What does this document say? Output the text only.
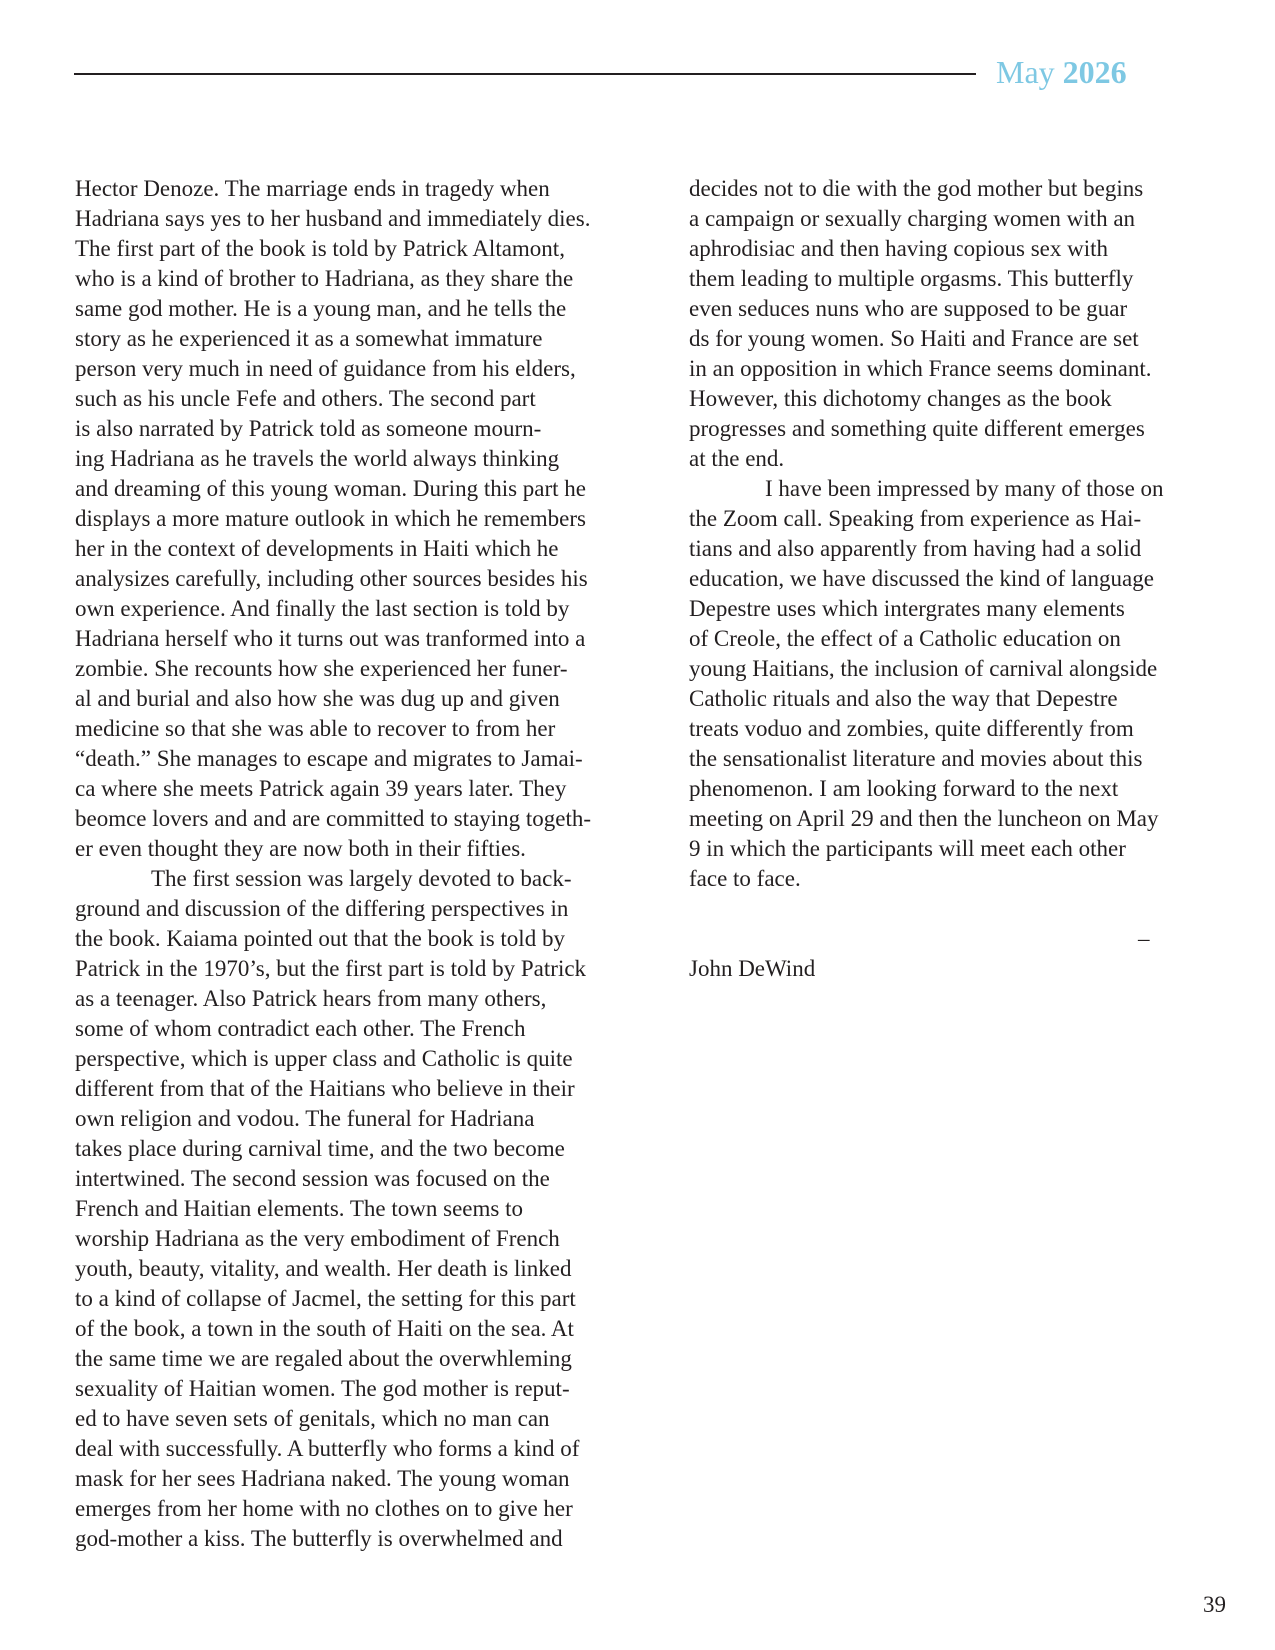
May 2026
Hector Denoze. The marriage ends in tragedy when
Hadriana says yes to her husband and immediately dies.
The first part of the book is told by Patrick Altamont,
who is a kind of brother to Hadriana, as they share the
same god mother. He is a young man, and he tells the
story as he experienced it as a somewhat immature
person very much in need of guidance from his elders,
such as his uncle Fefe and others. The second part
is also narrated by Patrick told as someone mourn-
ing Hadriana as he travels the world always thinking
and dreaming of this young woman. During this part he
displays a more mature outlook in which he remembers
her in the context of developments in Haiti which he
analysizes carefully, including other sources besides his
own experience. And finally the last section is told by
Hadriana herself who it turns out was tranformed into a
zombie. She recounts how she experienced her funer-
al and burial and also how she was dug up and given
medicine so that she was able to recover to from her
“death.” She manages to escape and migrates to Jamai-
ca where she meets Patrick again 39 years later. They
beomce lovers and and are committed to staying togeth-
er even thought they are now both in their fifties.
The first session was largely devoted to back-
ground and discussion of the differing perspectives in
the book. Kaiama pointed out that the book is told by
Patrick in the 1970’s, but the first part is told by Patrick
as a teenager. Also Patrick hears from many others,
some of whom contradict each other. The French
perspective, which is upper class and Catholic is quite
different from that of the Haitians who believe in their
own religion and vodou. The funeral for Hadriana
takes place during carnival time, and the two become
intertwined. The second session was focused on the
French and Haitian elements. The town seems to
worship Hadriana as the very embodiment of French
youth, beauty, vitality, and wealth. Her death is linked
to a kind of collapse of Jacmel, the setting for this part
of the book, a town in the south of Haiti on the sea. At
the same time we are regaled about the overwhleming
sexuality of Haitian women. The god mother is reput-
ed to have seven sets of genitals, which no man can
deal with successfully. A butterfly who forms a kind of
mask for her sees Hadriana naked. The young woman
emerges from her home with no clothes on to give her
god-mother a kiss. The butterfly is overwhelmed and
decides not to die with the god mother but begins
a campaign or sexually charging women with an
aphrodisiac and then having copious sex with
them leading to multiple orgasms. This butterfly
even seduces nuns who are supposed to be guar
ds for young women. So Haiti and France are set
in an opposition in which France seems dominant.
However, this dichotomy changes as the book
progresses and something quite different emerges
at the end.
I have been impressed by many of those on
the Zoom call. Speaking from experience as Hai-
tians and also apparently from having had a solid
education, we have discussed the kind of language
Depestre uses which intergrates many elements
of Creole, the effect of a Catholic education on
young Haitians, the inclusion of carnival alongside
Catholic rituals and also the way that Depestre
treats voduo and zombies, quite differently from
the sensationalist literature and movies about this
phenomenon. I am looking forward to the next
meeting on April 29 and then the luncheon on May
9 in which the participants will meet each other
face to face.
–
John DeWind
39
